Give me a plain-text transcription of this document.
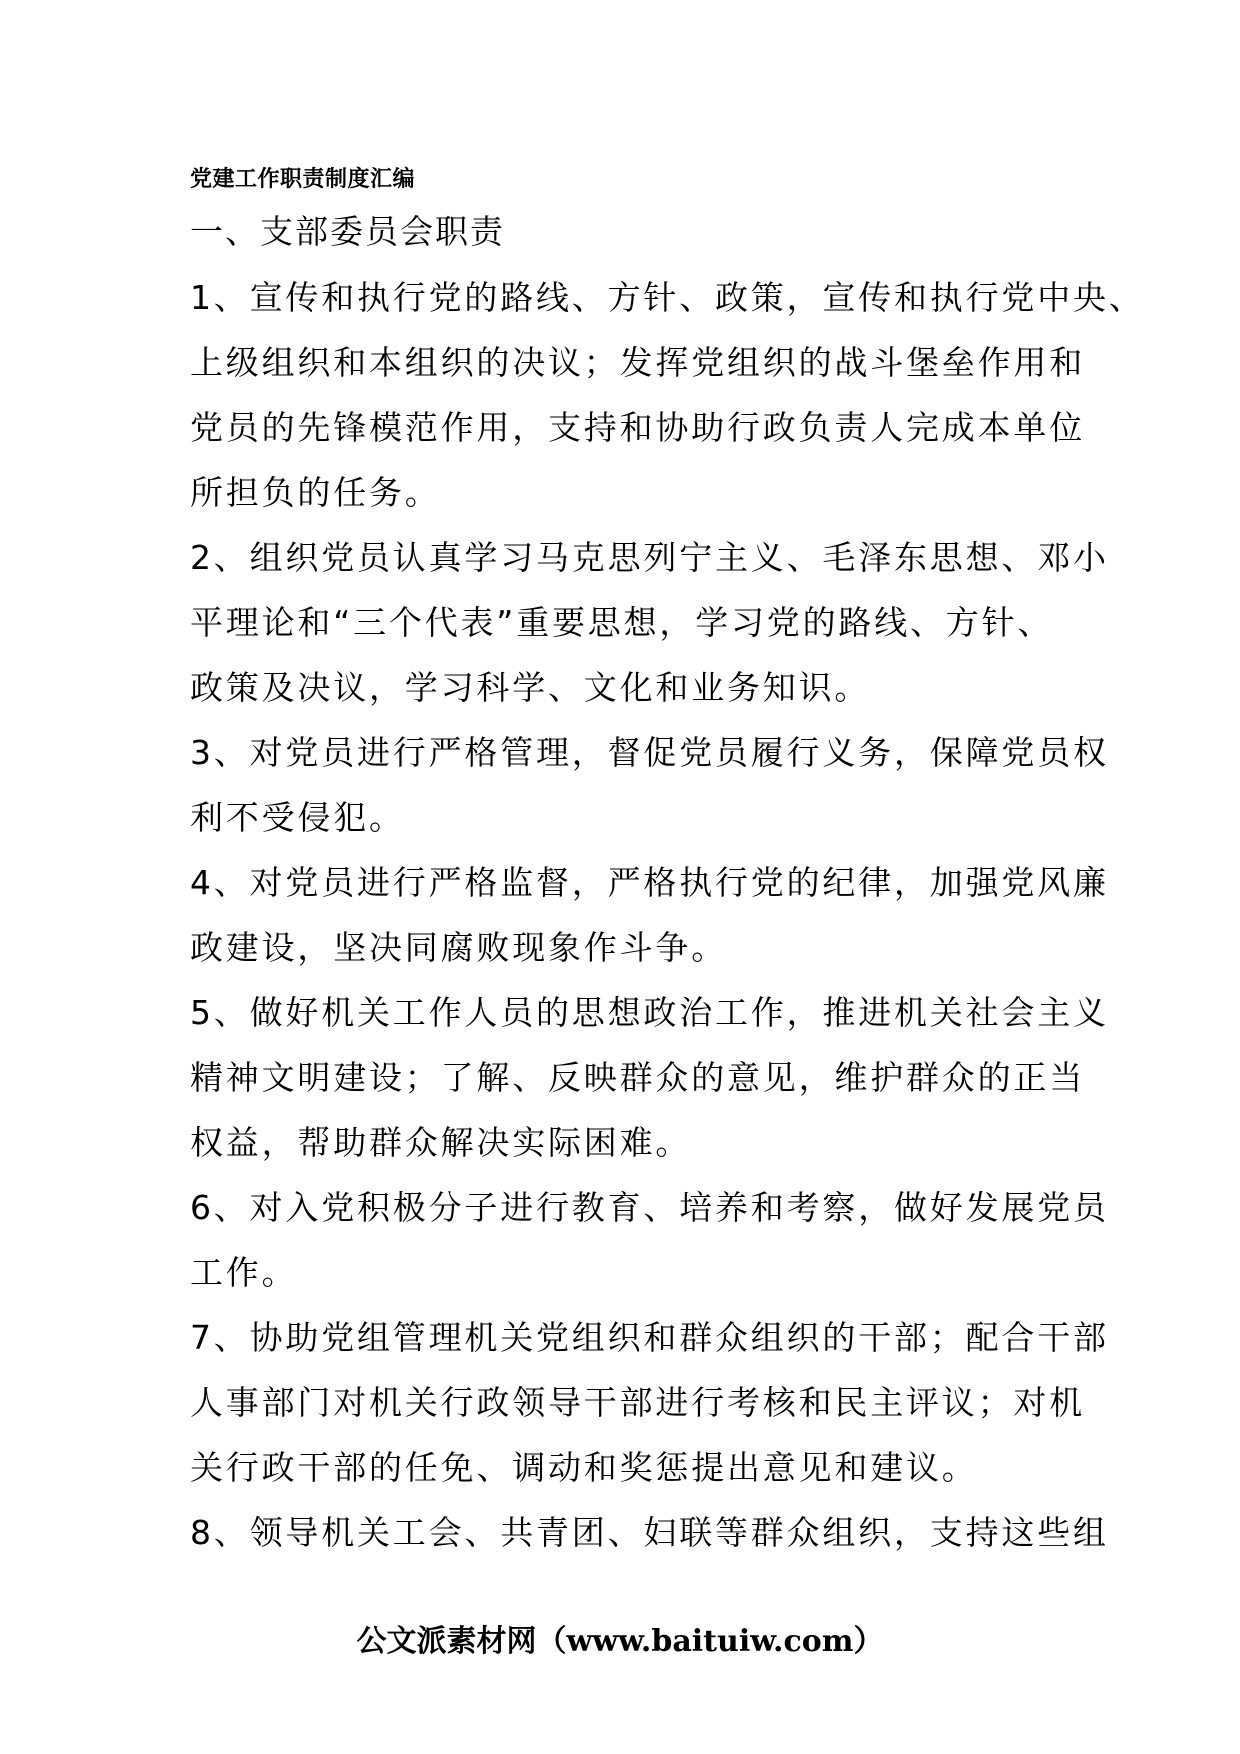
党建工作职责制度汇编
一、支部委员会职责
1、宣传和执行党的路线、方针、政策，宣传和执行党中央、
上级组织和本组织的决议；发挥党组织的战斗堡垒作用和
党员的先锋模范作用，支持和协助行政负责人完成本单位
所担负的任务。
2、组织党员认真学习马克思列宁主义、毛泽东思想、邓小
平理论和“三个代表”重要思想，学习党的路线、方针、
政策及决议，学习科学、文化和业务知识。
3、对党员进行严格管理，督促党员履行义务，保障党员权
利不受侵犯。
4、对党员进行严格监督，严格执行党的纪律，加强党风廉
政建设，坚决同腐败现象作斗争。
5、做好机关工作人员的思想政治工作，推进机关社会主义
精神文明建设；了解、反映群众的意见，维护群众的正当
权益，帮助群众解决实际困难。
6、对入党积极分子进行教育、培养和考察，做好发展党员
工作。
7、协助党组管理机关党组织和群众组织的干部；配合干部
人事部门对机关行政领导干部进行考核和民主评议；对机
关行政干部的任免、调动和奖惩提出意见和建议。
8、领导机关工会、共青团、妇联等群众组织，支持这些组
公文派素材网（www.baituiw.com）
